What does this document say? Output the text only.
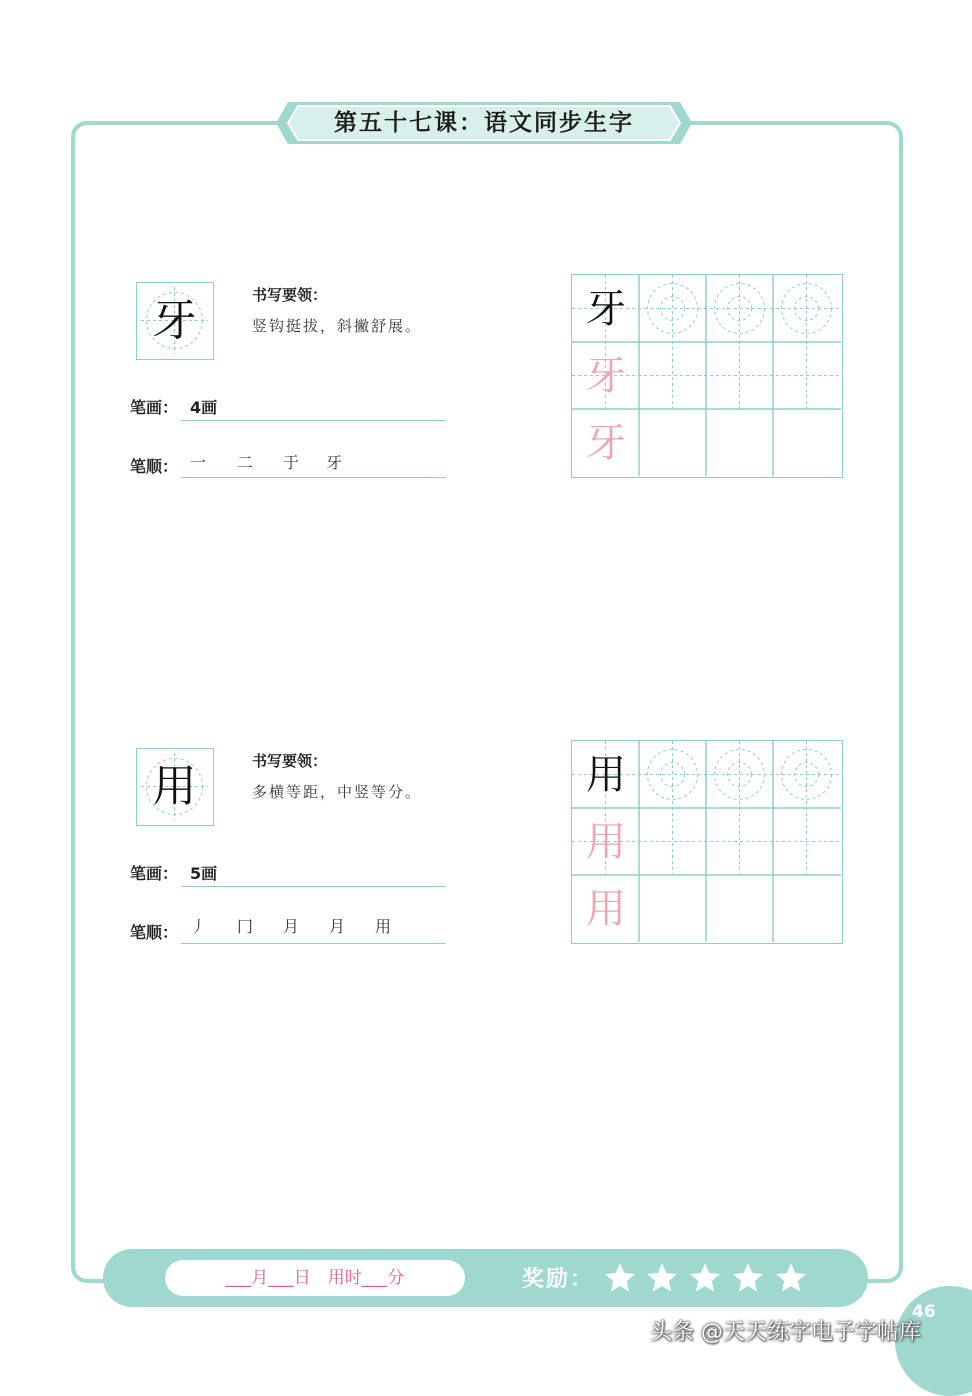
第五十七课：语文同步生字
牙	书写要领：
竖钩挺拔，斜撇舒展。
笔画： 4画
笔顺： 一 二 于 牙
牙
牙
牙
用	书写要领：
多横等距，中竖等分。
笔画： 5画
笔顺： 丿 冂 月 月 用
用
用
用
___月___日　用时___分	奖励：
46
头条 @天天练字电子字帖库
